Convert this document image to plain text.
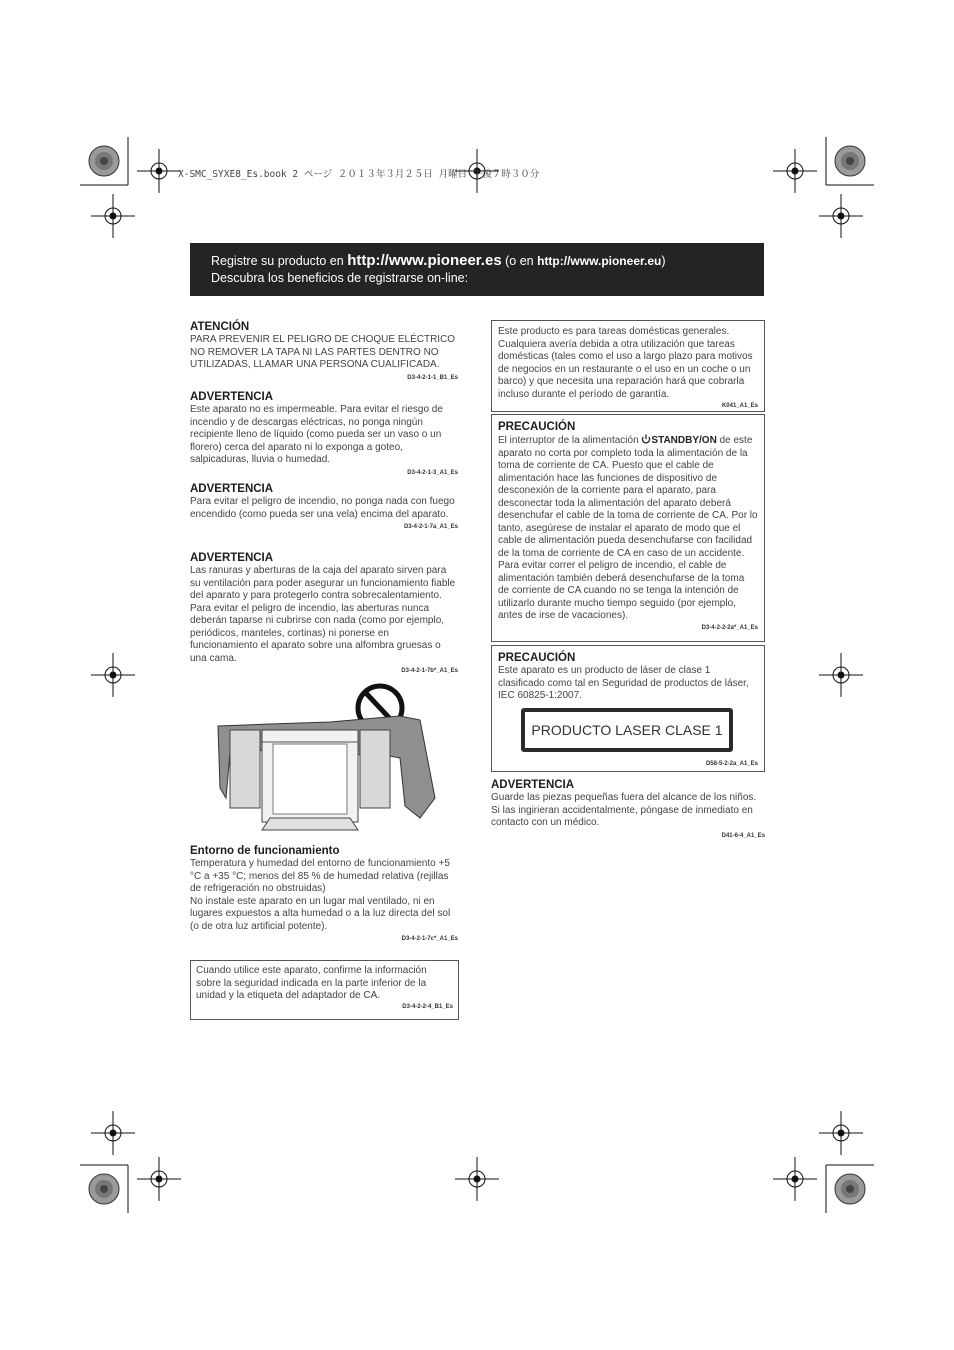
X-SMC_SYXE8_Es.book 2 ページ ２０１３年３月２５日 月曜日 午後７時３０分
Registre su producto en http://www.pioneer.es (o en http://www.pioneer.eu)
Descubra los beneficios de registrarse on-line:
ATENCIÓN
PARA PREVENIR EL PELIGRO DE CHOQUE ELÉCTRICO NO REMOVER LA TAPA NI LAS PARTES DENTRO NO UTILIZADAS, LLAMAR UNA PERSONA CUALIFICADA.
D3-4-2-1-1_B1_Es
ADVERTENCIA
Este aparato no es impermeable. Para evitar el riesgo de incendio y de descargas eléctricas, no ponga ningún recipiente lleno de líquido (como pueda ser un vaso o un florero) cerca del aparato ni lo exponga a goteo, salpicaduras, lluvia o humedad.
D3-4-2-1-3_A1_Es
ADVERTENCIA
Para evitar el peligro de incendio, no ponga nada con fuego encendido (como pueda ser una vela) encima del aparato.
D3-4-2-1-7a_A1_Es
ADVERTENCIA
Las ranuras y aberturas de la caja del aparato sirven para su ventilación para poder asegurar un funcionamiento fiable del aparato y para protegerlo contra sobrecalentamiento. Para evitar el peligro de incendio, las aberturas nunca deberán taparse ni cubrirse con nada (como por ejemplo, periódicos, manteles, cortinas) ni ponerse en funcionamiento el aparato sobre una alfombra gruesas o una cama.
D3-4-2-1-7b*_A1_Es
Entorno de funcionamiento
Temperatura y humedad del entorno de funcionamiento +5 °C a +35 °C; menos del 85 % de humedad relativa (rejillas de refrigeración no obstruidas)
No instale este aparato en un lugar mal ventilado, ni en lugares expuestos a alta humedad o a la luz directa del sol (o de otra luz artificial potente).
D3-4-2-1-7c*_A1_Es
Cuando utilice este aparato, confirme la información sobre la seguridad indicada en la parte inferior de la unidad y la etiqueta del adaptador de CA.
D3-4-2-2-4_B1_Es
Este producto es para tareas domésticas generales. Cualquiera avería debida a otra utilización que tareas domésticas (tales como el uso a largo plazo para motivos de negocios en un restaurante o el uso en un coche o un barco) y que necesita una reparación hará que cobrarla incluso durante el período de garantía.
K041_A1_Es
PRECAUCIÓN
El interruptor de la alimentación STANDBY/ON de este aparato no corta por completo toda la alimentación de la toma de corriente de CA. Puesto que el cable de alimentación hace las funciones de dispositivo de desconexión de la corriente para el aparato, para desconectar toda la alimentación del aparato deberá desenchufar el cable de la toma de corriente de CA. Por lo tanto, asegúrese de instalar el aparato de modo que el cable de alimentación pueda desenchufarse con facilidad de la toma de corriente de CA en caso de un accidente. Para evitar correr el peligro de incendio, el cable de alimentación también deberá desenchufarse de la toma de corriente de CA cuando no se tenga la intención de utilizarlo durante mucho tiempo seguido (por ejemplo, antes de irse de vacaciones).
D3-4-2-2-2a*_A1_Es
PRECAUCIÓN
Este aparato es un producto de láser de clase 1 clasificado como tal en Seguridad de productos de láser, IEC 60825-1:2007.
D58-5-2-2a_A1_Es
PRODUCTO LASER CLASE 1
ADVERTENCIA
Guarde las piezas pequeñas fuera del alcance de los niños. Si las ingirieran accidentalmente, póngase de inmediato en contacto con un médico.
D41-6-4_A1_Es
